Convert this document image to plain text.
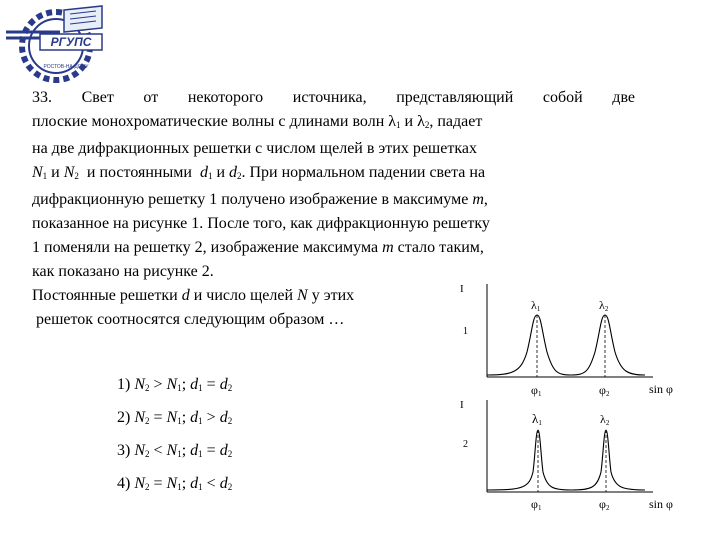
РГУПС
РОСТОВ-НА-ДОНУ
33. Свет от некоторого источника, представляющий собой две
плоские монохроматические волны с длинами волн $\lambda_1$ и $\lambda_2$, падает
на две дифракционных решетки с числом щелей в этих решетках
$N_1$ и $N_2$ и постоянными $d_1$ и $d_2$. При нормальном падении света на
дифракционную решетку 1 получено изображение в максимуме m,
показанное на рисунке 1. После того, как дифракционную решетку
1 поменяли на решетку 2, изображение максимума m стало таким,
как показано на рисунке 2.
Постоянные решетки d и число щелей N у этих
решеток соотносятся следующим образом …
1) $N_2 > N_1$; $d_1 = d_2$
2) $N_2 = N_1$; $d_1 > d_2$
3) $N_2 < N_1$; $d_1 = d_2$
4) $N_2 = N_1$; $d_1 < d_2$
I
1
λ1	λ2
φ1	φ2	sin φ
I
2
λ1	λ2
φ1	φ2	sin φ
